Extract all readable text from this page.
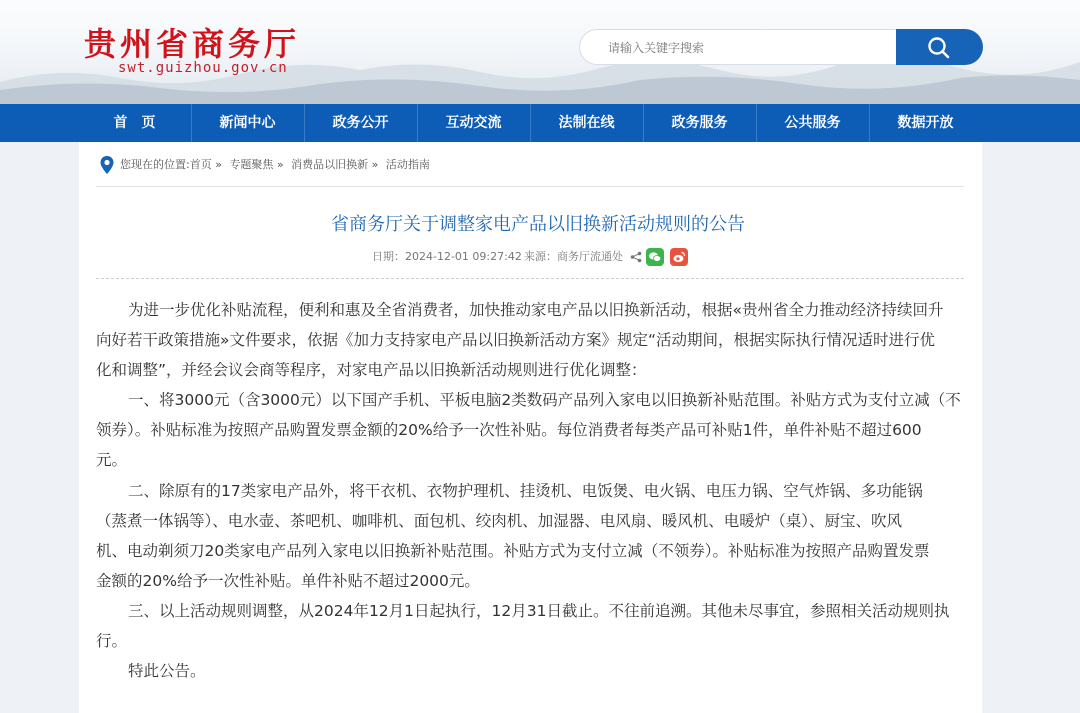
贵州省商务厅
swt.guizhou.gov.cn
请输入关键字搜索
首　页	新闻中心	政务公开	互动交流	法制在线	政务服务	公共服务	数据开放
您现在的位置:首页 » 专题聚焦 » 消费品以旧换新 » 活动指南
省商务厅关于调整家电产品以旧换新活动规则的公告
日期：2024-12-01 09:27:42 来源：商务厅流通处
为进一步优化补贴流程，便利和惠及全省消费者，加快推动家电产品以旧换新活动，根据«贵州省全力推动经济持续回升
向好若干政策措施»文件要求，依据《加力支持家电产品以旧换新活动方案》规定“活动期间，根据实际执行情况适时进行优
化和调整”，并经会议会商等程序，对家电产品以旧换新活动规则进行优化调整：
一、将3000元（含3000元）以下国产手机、平板电脑2类数码产品列入家电以旧换新补贴范围。补贴方式为支付立减（不
领券）。补贴标准为按照产品购置发票金额的20%给予一次性补贴。每位消费者每类产品可补贴1件，单件补贴不超过600
元。
二、除原有的17类家电产品外，将干衣机、衣物护理机、挂烫机、电饭煲、电火锅、电压力锅、空气炸锅、多功能锅
（蒸煮一体锅等）、电水壶、茶吧机、咖啡机、面包机、绞肉机、加湿器、电风扇、暖风机、电暖炉（桌）、厨宝、吹风
机、电动剃须刀20类家电产品列入家电以旧换新补贴范围。补贴方式为支付立减（不领券）。补贴标准为按照产品购置发票
金额的20%给予一次性补贴。单件补贴不超过2000元。
三、以上活动规则调整，从2024年12月1日起执行，12月31日截止。不往前追溯。其他未尽事宜，参照相关活动规则执
行。
特此公告。
